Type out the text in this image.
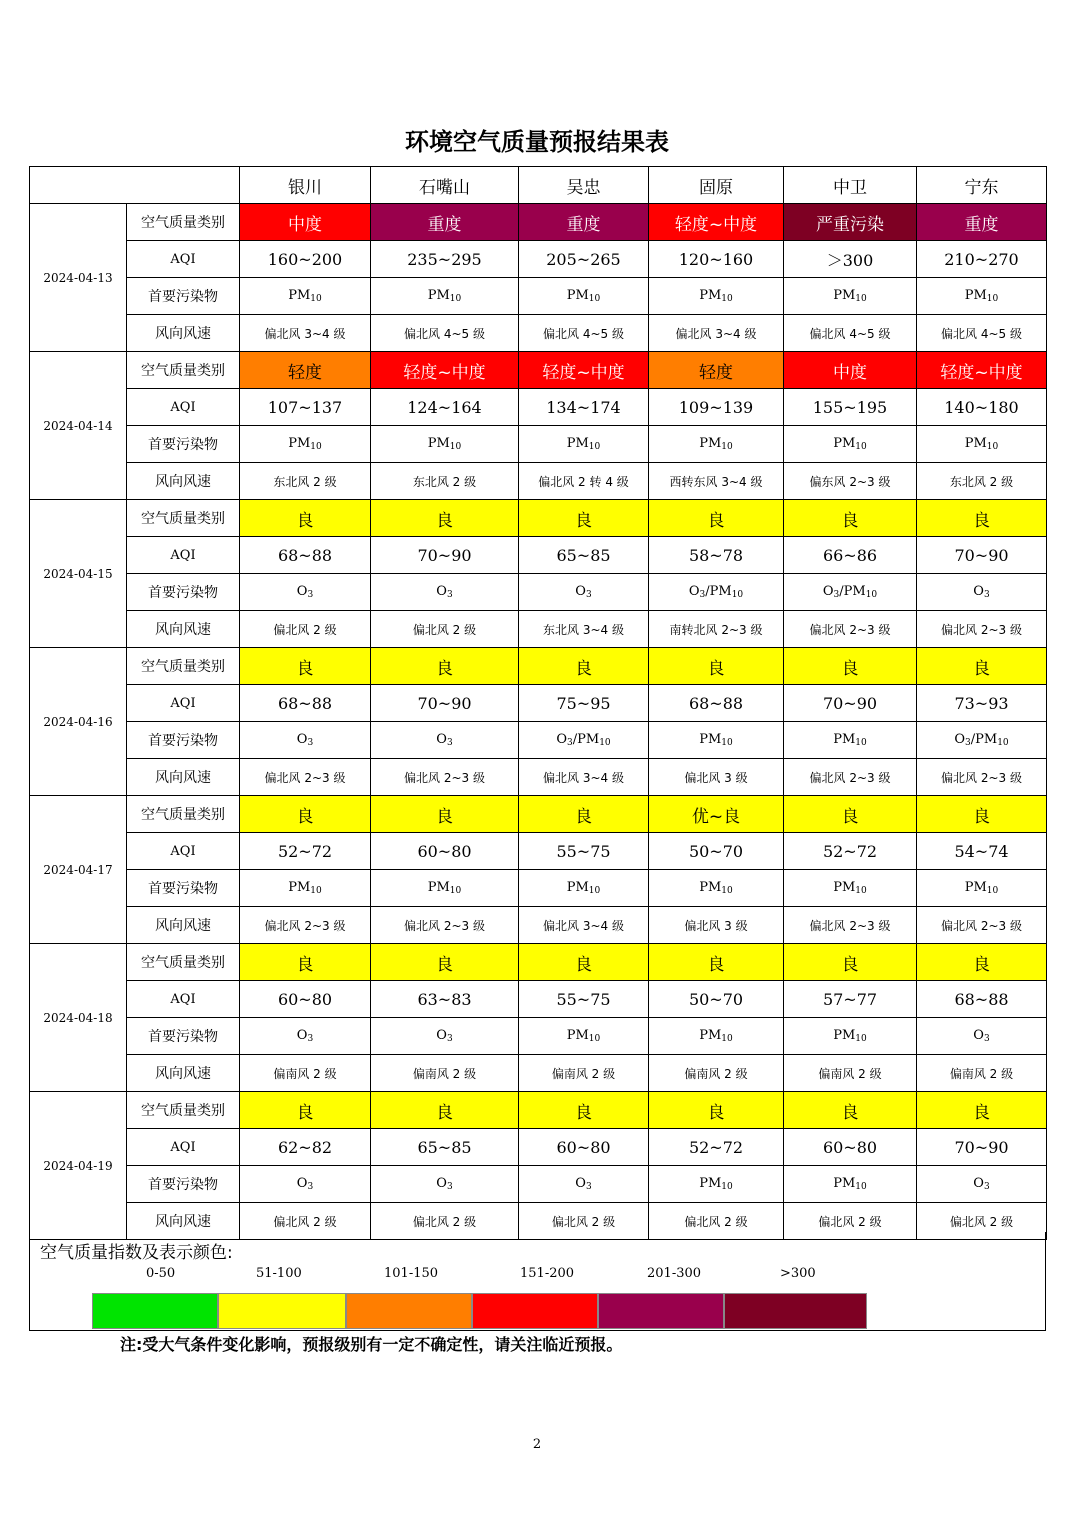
环境空气质量预报结果表
		银川	石嘴山	吴忠	固原	中卫	宁东
2024-04-13	空气质量类别	中度	重度	重度	轻度~中度	严重污染	重度
	AQI	160~200	235~295	205~265	120~160	＞300	210~270
	首要污染物	$PM_{10}$	$PM_{10}$	$PM_{10}$	$PM_{10}$	$PM_{10}$	$PM_{10}$
	风向风速	偏北风 3~4 级	偏北风 4~5 级	偏北风 4~5 级	偏北风 3~4 级	偏北风 4~5 级	偏北风 4~5 级
2024-04-14	空气质量类别	轻度	轻度~中度	轻度~中度	轻度	中度	轻度~中度
	AQI	107~137	124~164	134~174	109~139	155~195	140~180
	首要污染物	$PM_{10}$	$PM_{10}$	$PM_{10}$	$PM_{10}$	$PM_{10}$	$PM_{10}$
	风向风速	东北风 2 级	东北风 2 级	偏北风 2 转 4 级	西转东风 3~4 级	偏东风 2~3 级	东北风 2 级
2024-04-15	空气质量类别	良	良	良	良	良	良
	AQI	68~88	70~90	65~85	58~78	66~86	70~90
	首要污染物	$O_3$	$O_3$	$O_3$	$O_3/PM_{10}$	$O_3/PM_{10}$	$O_3$
	风向风速	偏北风 2 级	偏北风 2 级	东北风 3~4 级	南转北风 2~3 级	偏北风 2~3 级	偏北风 2~3 级
2024-04-16	空气质量类别	良	良	良	良	良	良
	AQI	68~88	70~90	75~95	68~88	70~90	73~93
	首要污染物	$O_3$	$O_3$	$O_3/PM_{10}$	$PM_{10}$	$PM_{10}$	$O_3/PM_{10}$
	风向风速	偏北风 2~3 级	偏北风 2~3 级	偏北风 3~4 级	偏北风 3 级	偏北风 2~3 级	偏北风 2~3 级
2024-04-17	空气质量类别	良	良	良	优~良	良	良
	AQI	52~72	60~80	55~75	50~70	52~72	54~74
	首要污染物	$PM_{10}$	$PM_{10}$	$PM_{10}$	$PM_{10}$	$PM_{10}$	$PM_{10}$
	风向风速	偏北风 2~3 级	偏北风 2~3 级	偏北风 3~4 级	偏北风 3 级	偏北风 2~3 级	偏北风 2~3 级
2024-04-18	空气质量类别	良	良	良	良	良	良
	AQI	60~80	63~83	55~75	50~70	57~77	68~88
	首要污染物	$O_3$	$O_3$	$PM_{10}$	$PM_{10}$	$PM_{10}$	$O_3$
	风向风速	偏南风 2 级	偏南风 2 级	偏南风 2 级	偏南风 2 级	偏南风 2 级	偏南风 2 级
2024-04-19	空气质量类别	良	良	良	良	良	良
	AQI	62~82	65~85	60~80	52~72	60~80	70~90
	首要污染物	$O_3$	$O_3$	$O_3$	$PM_{10}$	$PM_{10}$	$O_3$
	风向风速	偏北风 2 级	偏北风 2 级	偏北风 2 级	偏北风 2 级	偏北风 2 级	偏北风 2 级
空气质量指数及表示颜色:
0-50	51-100	101-150	151-200	201-300	>300
注:受大气条件变化影响，预报级别有一定不确定性，请关注临近预报。
2
